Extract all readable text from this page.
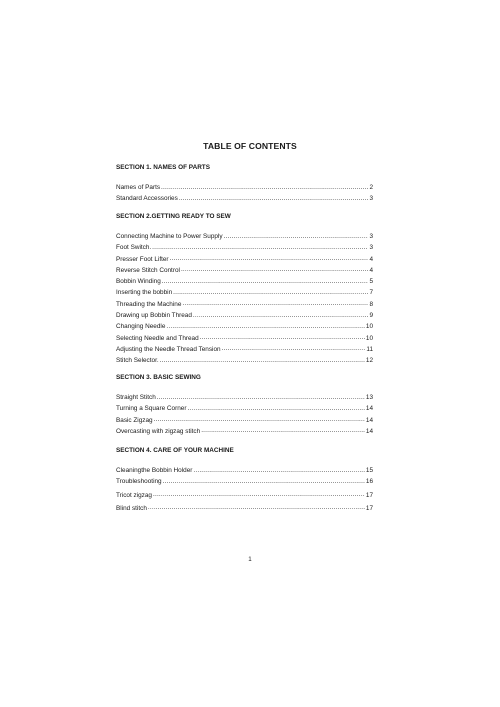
TABLE OF CONTENTS
SECTION 1. NAMES OF PARTS
Names of Parts .....	2
Standard Accessories .....	3
SECTION 2.GETTING READY TO SEW
Connecting Machine to Power Supply .....	3
Foot Switch. .....	3
Presser Foot Lifter .....	4
Reverse Stitch Control .....	4
Bobbin Winding .....	5
Inserting the bobbin .....	7
Threading the Machine .....	8
Drawing up Bobbin Thread .....	9
Changing Needle .....	10
Selecting Needle and Thread .....	10
Adjusting the Needle Thread Tension .....	11
Stitch Selector. .....	12
SECTION 3. BASIC SEWING
Straight Stitch .....	13
Turning a Square Corner .....	14
Basic Zigzag .....	14
Overcasting with zigzag stitch .....	14
SECTION 4. CARE OF YOUR MACHINE
Cleaningthe Bobbin Holder .....	15
Troubleshooting .....	16
Tricot zigzag .....	17
Blind stitch .....	17
1
